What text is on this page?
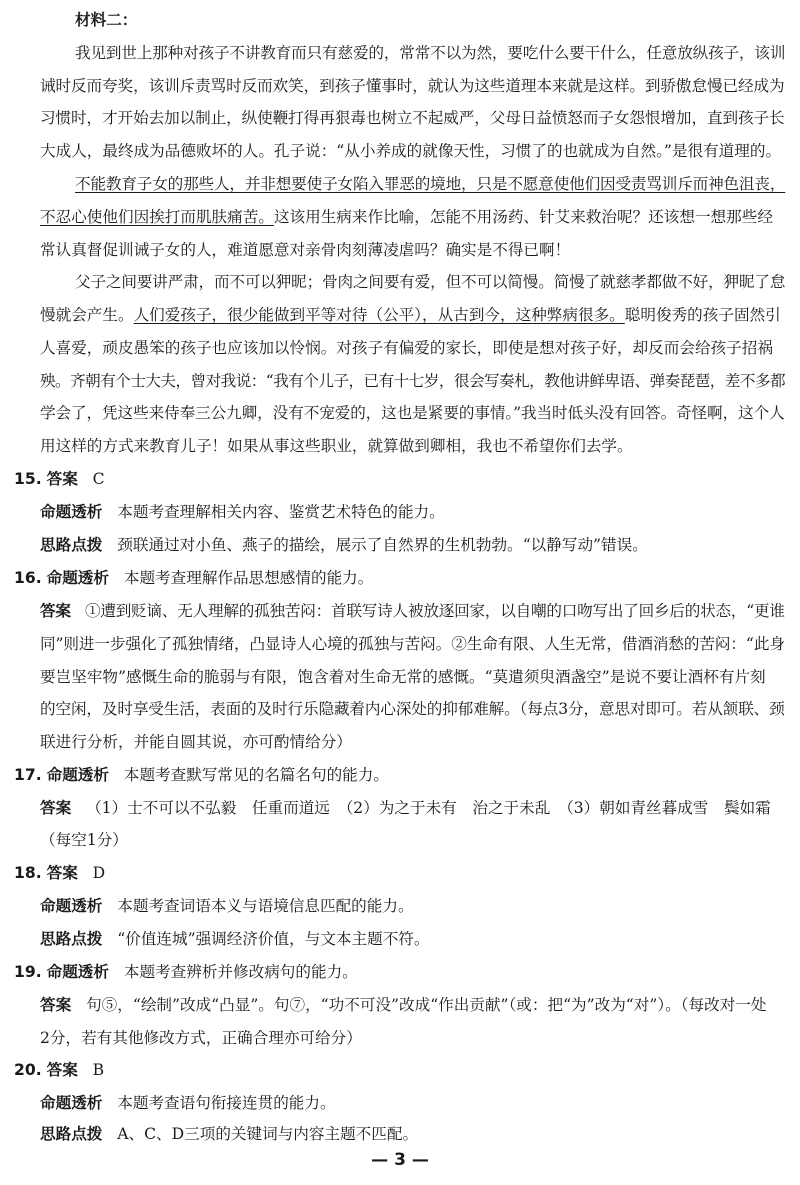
材料二：
我见到世上那种对孩子不讲教育而只有慈爱的，常常不以为然，要吃什么要干什么，任意放纵孩子，该训
诫时反而夸奖，该训斥责骂时反而欢笑，到孩子懂事时，就认为这些道理本来就是这样。到骄傲怠慢已经成为
习惯时，才开始去加以制止，纵使鞭打得再狠毒也树立不起威严，父母日益愤怒而子女怨恨增加，直到孩子长
大成人，最终成为品德败坏的人。孔子说：“从小养成的就像天性，习惯了的也就成为自然。”是很有道理的。
不能教育子女的那些人，并非想要使子女陷入罪恶的境地，只是不愿意使他们因受责骂训斥而神色沮丧，
不忍心使他们因挨打而肌肤痛苦。这该用生病来作比喻，怎能不用汤药、针艾来救治呢？还该想一想那些经
常认真督促训诫子女的人，难道愿意对亲骨肉刻薄凌虐吗？确实是不得已啊！
父子之间要讲严肃，而不可以狎昵；骨肉之间要有爱，但不可以简慢。简慢了就慈孝都做不好，狎昵了怠
慢就会产生。人们爱孩子，很少能做到平等对待（公平），从古到今，这种弊病很多。聪明俊秀的孩子固然引
人喜爱，顽皮愚笨的孩子也应该加以怜悯。对孩子有偏爱的家长，即使是想对孩子好，却反而会给孩子招祸
殃。齐朝有个士大夫，曾对我说：“我有个儿子，已有十七岁，很会写奏札，教他讲鲜卑语、弹奏琵琶，差不多都
学会了，凭这些来侍奉三公九卿，没有不宠爱的，这也是紧要的事情。”我当时低头没有回答。奇怪啊，这个人
用这样的方式来教育儿子！如果从事这些职业，就算做到卿相，我也不希望你们去学。
15. 答案 C
命题透析 本题考查理解相关内容、鉴赏艺术特色的能力。
思路点拨 颈联通过对小鱼、燕子的描绘，展示了自然界的生机勃勃。“以静写动”错误。
16. 命题透析 本题考查理解作品思想感情的能力。
答案 ①遭到贬谪、无人理解的孤独苦闷：首联写诗人被放逐回家，以自嘲的口吻写出了回乡后的状态，“更谁
同”则进一步强化了孤独情绪，凸显诗人心境的孤独与苦闷。②生命有限、人生无常，借酒消愁的苦闷：“此身
要岂坚牢物”感慨生命的脆弱与有限，饱含着对生命无常的感慨。“莫遣须臾酒盏空”是说不要让酒杯有片刻
的空闲，及时享受生活，表面的及时行乐隐藏着内心深处的抑郁难解。（每点3分，意思对即可。若从颔联、颈
联进行分析，并能自圆其说，亦可酌情给分）
17. 命题透析 本题考查默写常见的名篇名句的能力。
答案 （1）士不可以不弘毅　任重而道远　（2）为之于未有　治之于未乱　（3）朝如青丝暮成雪　鬓如霜
（每空1分）
18. 答案 D
命题透析 本题考查词语本义与语境信息匹配的能力。
思路点拨 “价值连城”强调经济价值，与文本主题不符。
19. 命题透析 本题考查辨析并修改病句的能力。
答案 句⑤，“绘制”改成“凸显”。句⑦，“功不可没”改成“作出贡献”（或：把“为”改为“对”）。（每改对一处
2分，若有其他修改方式，正确合理亦可给分）
20. 答案 B
命题透析 本题考查语句衔接连贯的能力。
思路点拨 A、C、D三项的关键词与内容主题不匹配。
— 3 —
